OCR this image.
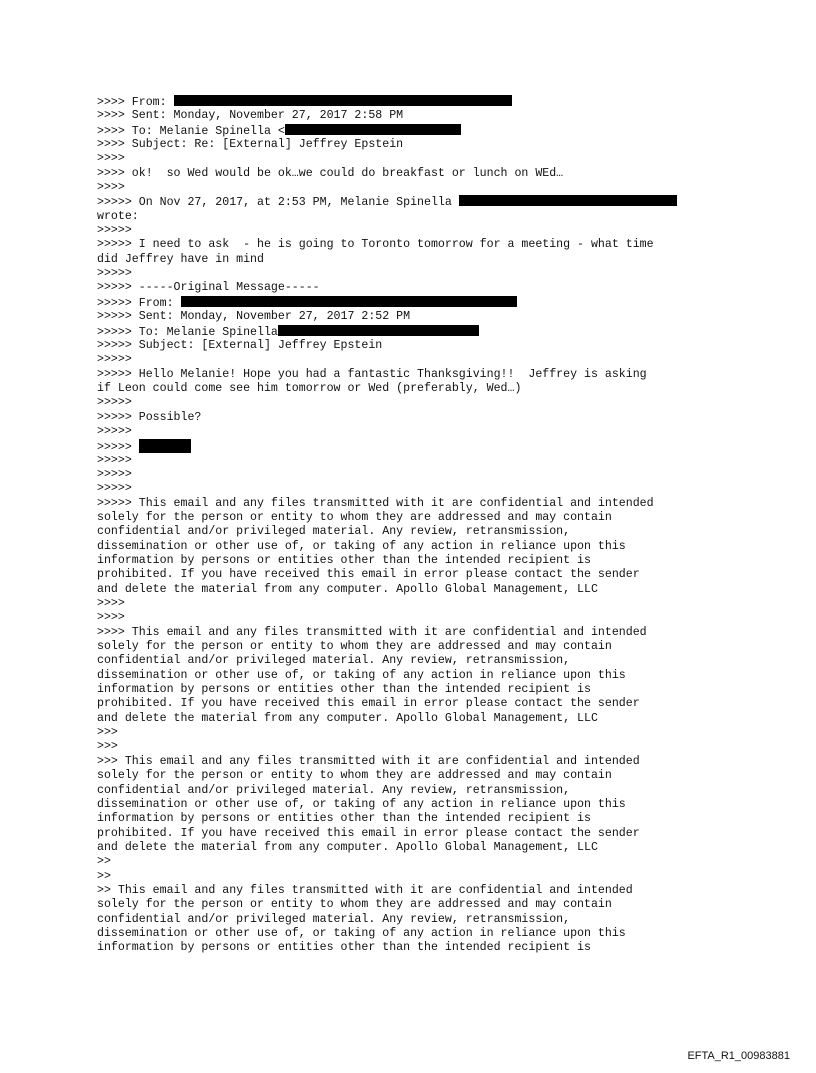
>>>> From:
>>>> Sent: Monday, November 27, 2017 2:58 PM
>>>> To: Melanie Spinella <
>>>> Subject: Re: [External] Jeffrey Epstein
>>>>
>>>> ok!  so Wed would be ok…we could do breakfast or lunch on WEd…
>>>>
>>>>> On Nov 27, 2017, at 2:53 PM, Melanie Spinella
wrote:
>>>>>
>>>>> I need to ask  - he is going to Toronto tomorrow for a meeting - what time
did Jeffrey have in mind
>>>>>
>>>>> -----Original Message-----
>>>>> From:
>>>>> Sent: Monday, November 27, 2017 2:52 PM
>>>>> To: Melanie Spinella
>>>>> Subject: [External] Jeffrey Epstein
>>>>>
>>>>> Hello Melanie! Hope you had a fantastic Thanksgiving!!  Jeffrey is asking
if Leon could come see him tomorrow or Wed (preferably, Wed…)
>>>>>
>>>>> Possible?
>>>>>
>>>>>
>>>>>
>>>>>
>>>>>
>>>>> This email and any files transmitted with it are confidential and intended
solely for the person or entity to whom they are addressed and may contain
confidential and/or privileged material. Any review, retransmission,
dissemination or other use of, or taking of any action in reliance upon this
information by persons or entities other than the intended recipient is
prohibited. If you have received this email in error please contact the sender
and delete the material from any computer. Apollo Global Management, LLC
>>>>
>>>>
>>>> This email and any files transmitted with it are confidential and intended
solely for the person or entity to whom they are addressed and may contain
confidential and/or privileged material. Any review, retransmission,
dissemination or other use of, or taking of any action in reliance upon this
information by persons or entities other than the intended recipient is
prohibited. If you have received this email in error please contact the sender
and delete the material from any computer. Apollo Global Management, LLC
>>>
>>>
>>> This email and any files transmitted with it are confidential and intended
solely for the person or entity to whom they are addressed and may contain
confidential and/or privileged material. Any review, retransmission,
dissemination or other use of, or taking of any action in reliance upon this
information by persons or entities other than the intended recipient is
prohibited. If you have received this email in error please contact the sender
and delete the material from any computer. Apollo Global Management, LLC
>>
>>
>> This email and any files transmitted with it are confidential and intended
solely for the person or entity to whom they are addressed and may contain
confidential and/or privileged material. Any review, retransmission,
dissemination or other use of, or taking of any action in reliance upon this
information by persons or entities other than the intended recipient is
EFTA_R1_00983881
